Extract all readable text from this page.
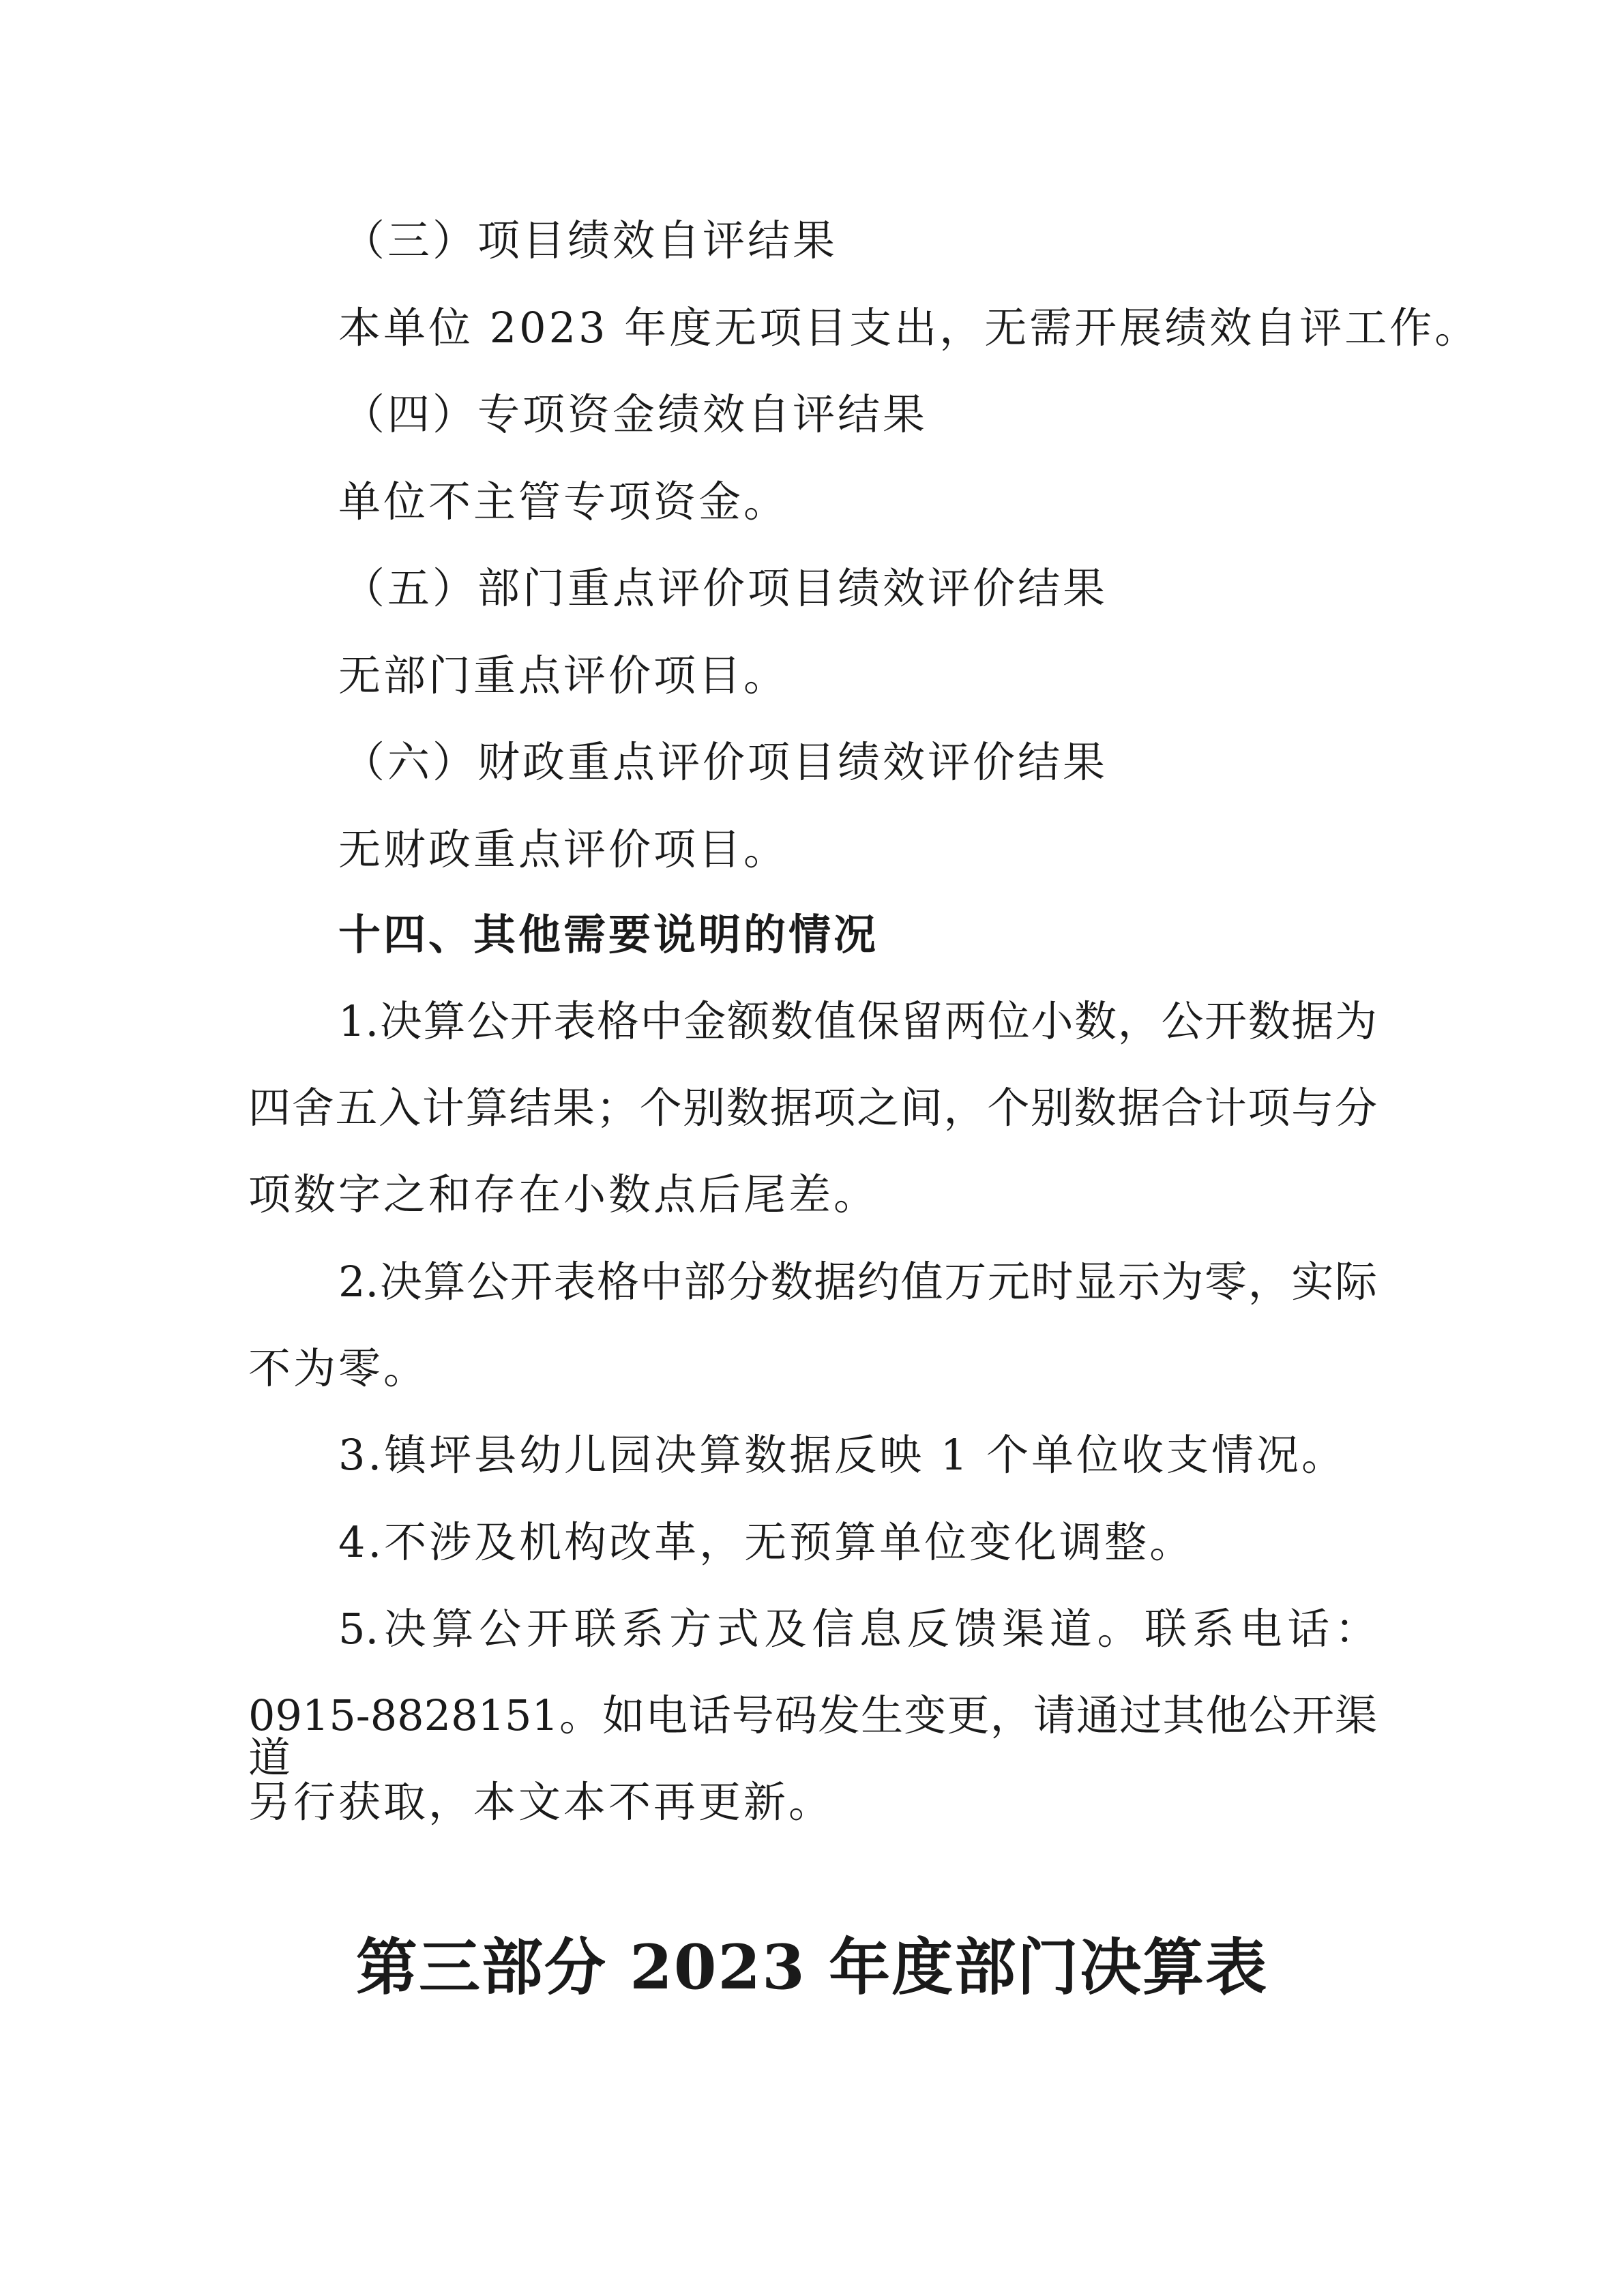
（三）项目绩效自评结果
本单位 2023 年度无项目支出，无需开展绩效自评工作。
（四）专项资金绩效自评结果
单位不主管专项资金。
（五）部门重点评价项目绩效评价结果
无部门重点评价项目。
（六）财政重点评价项目绩效评价结果
无财政重点评价项目。
十四、其他需要说明的情况
1.决算公开表格中金额数值保留两位小数，公开数据为
四舍五入计算结果；个别数据项之间，个别数据合计项与分
项数字之和存在小数点后尾差。
2.决算公开表格中部分数据约值万元时显示为零，实际
不为零。
3.镇坪县幼儿园决算数据反映 1 个单位收支情况。
4.不涉及机构改革，无预算单位变化调整。
5.决算公开联系方式及信息反馈渠道。联系电话：
0915-8828151。如电话号码发生变更，请通过其他公开渠道
另行获取，本文本不再更新。
第三部分 2023 年度部门决算表
